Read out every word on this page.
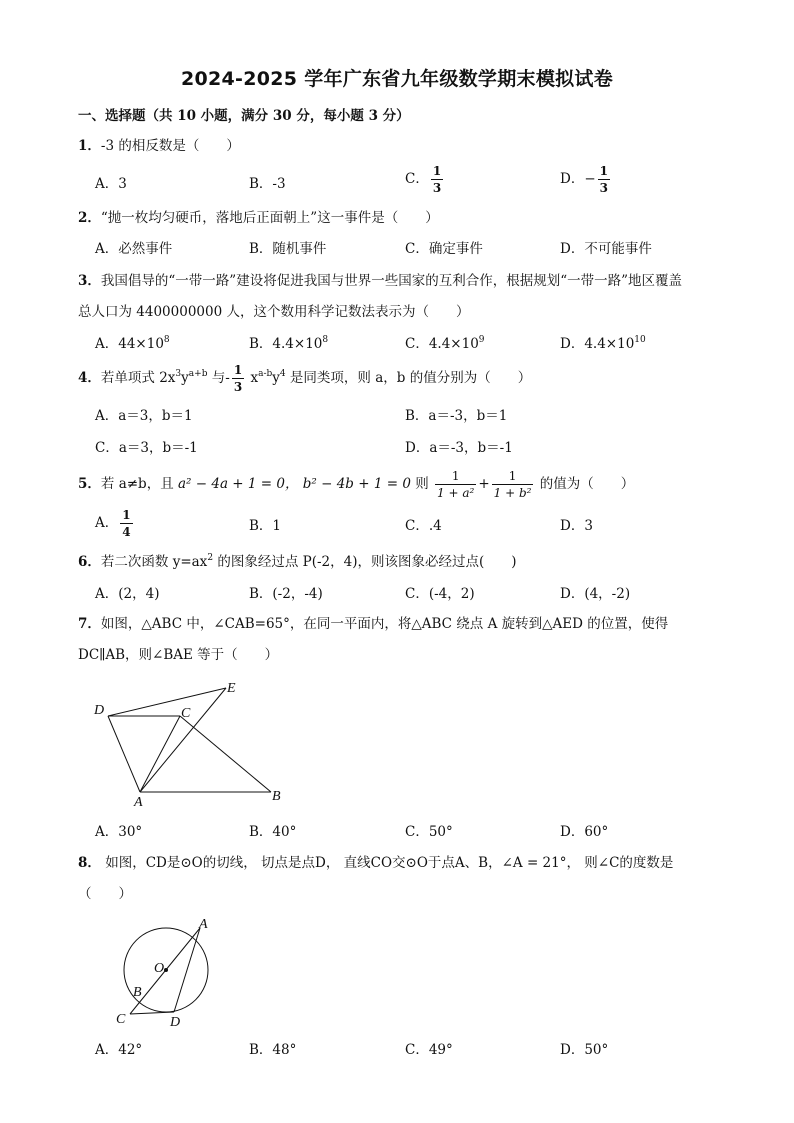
2024-2025 学年广东省九年级数学期末模拟试卷
一、选择题（共 10 小题，满分 30 分，每小题 3 分）
1．-3 的相反数是（　　）
A．3	B．-3	C． $\frac{1}{3}$	D．− $\frac{1}{3}$
2．“抛一枚均匀硬币，落地后正面朝上”这一事件是（　　）
A．必然事件	B．随机事件	C．确定事件	D．不可能事件
3．我国倡导的“一带一路”建设将促进我国与世界一些国家的互利合作，根据规划“一带一路”地区覆盖
总人口为 4400000000 人，这个数用科学记数法表示为（　　）
A．$44\times 10^8$	B．$4.4\times 10^8$	C．$4.4\times 10^9$	D．$4.4\times 10^{10}$
4．若单项式 $2x^3y^{a+b}$ 与- $\frac{1}{3} x^{a-b}y^4$ 是同类项，则 a，b 的值分别为（　　）
A．a＝3，b＝1	B．a＝-3，b＝1
C．a＝3，b＝-1	D．a＝-3，b＝-1
5．若 a≠b，且 a² − 4a + 1 = 0， b² − 4b + 1 = 0 则 $\frac{1}{\text{1 + a²}} + \frac{1}{\text{1 + b²}}$ 的值为（　　）
A． $\frac{1}{4}$	B．1	C．.4	D．3
6．若二次函数 $y=ax^2$ 的图象经过点 P(-2，4)，则该图象必经过点(　　)
A．(2，4)	B．(-2，-4)	C．(-4，2)	D．(4，-2)
7．如图，△ABC 中，∠CAB=65°，在同一平面内，将△ABC 绕点 A 旋转到△AED 的位置，使得
DC∥AB，则∠BAE 等于（　　）
D
E
C
A	B
A．30°	B．40°	C．50°	D．60°
8． 如图，CD是⊙O的切线， 切点是点D， 直线CO交⊙O于点A、B，∠A = 21°， 则∠C的度数是
（　　）
A
O
B
C	D
A．42°	B．48°	C．49°	D．50°
